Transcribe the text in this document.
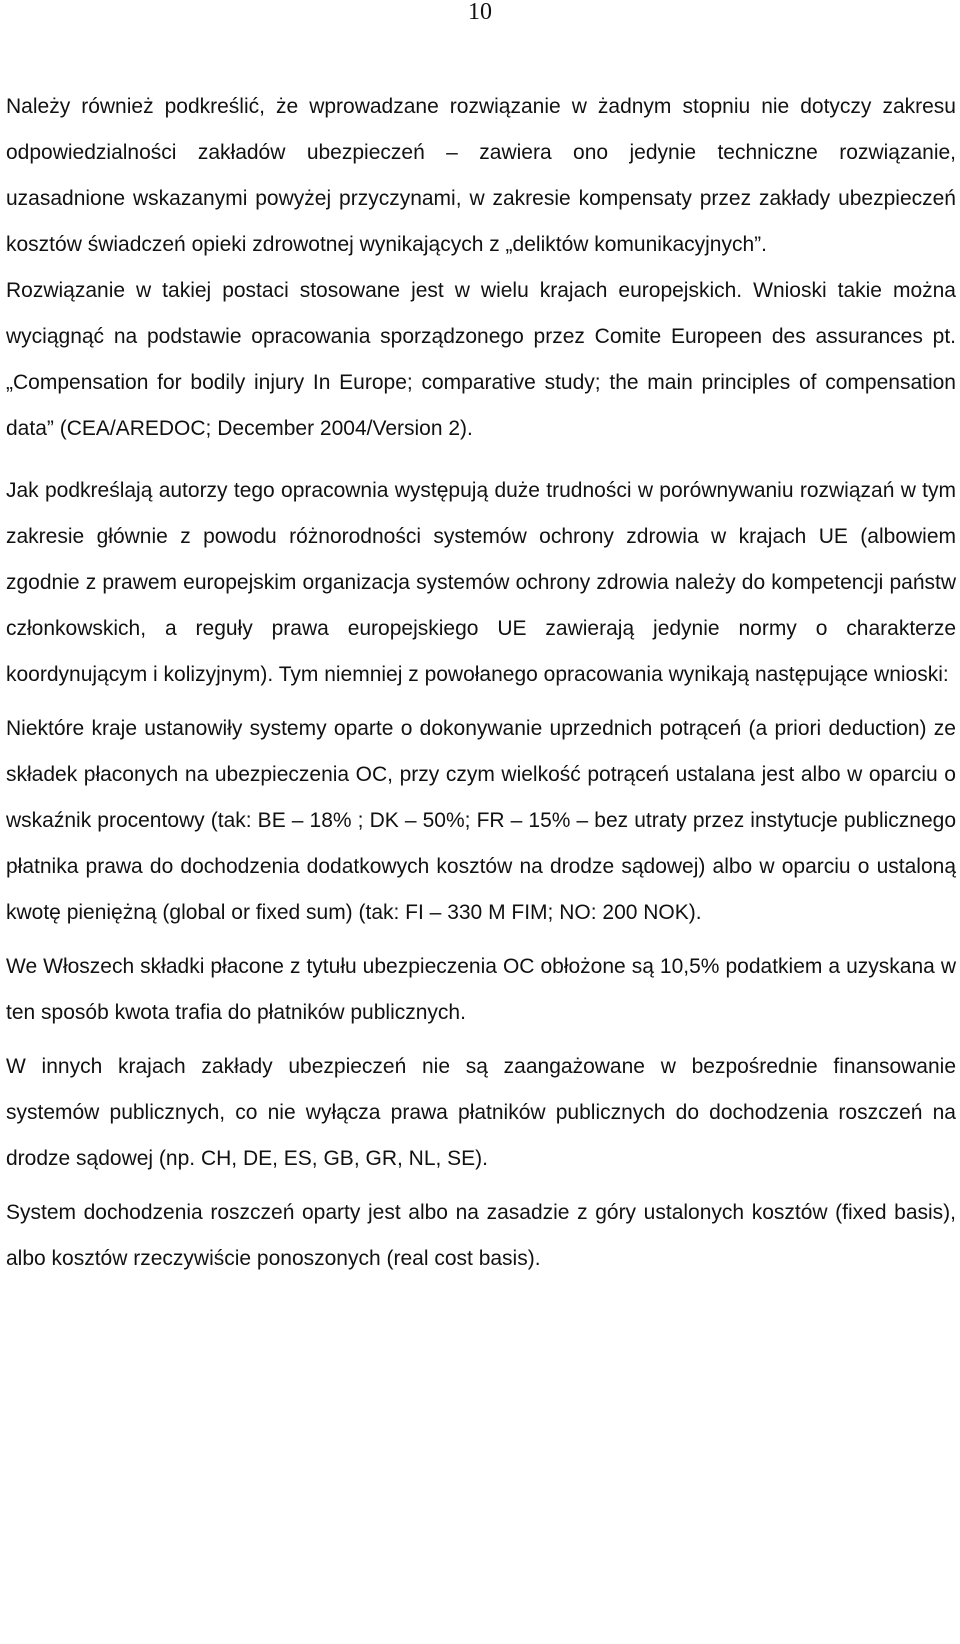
10

Należy również podkreślić, że wprowadzane rozwiązanie w żadnym stopniu nie dotyczy zakresu odpowiedzialności zakładów ubezpieczeń – zawiera ono jedynie techniczne rozwiązanie, uzasadnione wskazanymi powyżej przyczynami, w zakresie kompensaty przez zakłady ubezpieczeń kosztów świadczeń opieki zdrowotnej wynikających z „deliktów komunikacyjnych”.

Rozwiązanie w takiej postaci stosowane jest w wielu krajach europejskich. Wnioski takie można wyciągnąć na podstawie opracowania sporządzonego przez Comite Europeen des assurances pt. „Compensation for bodily injury In Europe; comparative study; the main principles of compensation data” (CEA/AREDOC; December 2004/Version 2).

Jak podkreślają autorzy tego opracownia występują duże trudności w porównywaniu rozwiązań w tym zakresie głównie z powodu różnorodności systemów ochrony zdrowia w krajach UE (albowiem zgodnie z prawem europejskim organizacja systemów ochrony zdrowia należy do kompetencji państw członkowskich, a reguły prawa europejskiego UE zawierają jedynie normy o charakterze koordynującym i kolizyjnym). Tym niemniej z powołanego opracowania wynikają następujące wnioski:

Niektóre kraje ustanowiły systemy oparte o dokonywanie uprzednich potrąceń (a priori deduction) ze składek płaconych na ubezpieczenia OC, przy czym wielkość potrąceń ustalana jest albo w oparciu o wskaźnik procentowy (tak: BE – 18% ; DK – 50%; FR – 15% – bez utraty przez instytucje publicznego płatnika prawa do dochodzenia dodatkowych kosztów na drodze sądowej) albo w oparciu o ustaloną kwotę pieniężną (global or fixed sum) (tak: FI – 330 M FIM; NO: 200 NOK).

We Włoszech składki płacone z tytułu ubezpieczenia OC obłożone są 10,5% podatkiem a uzyskana w ten sposób kwota trafia do płatników publicznych.

W innych krajach zakłady ubezpieczeń nie są zaangażowane w bezpośrednie finansowanie systemów publicznych, co nie wyłącza prawa płatników publicznych do dochodzenia roszczeń na drodze sądowej (np. CH, DE, ES, GB, GR, NL, SE).

System dochodzenia roszczeń oparty jest albo na zasadzie z góry ustalonych kosztów (fixed basis), albo kosztów rzeczywiście ponoszonych (real cost basis).
